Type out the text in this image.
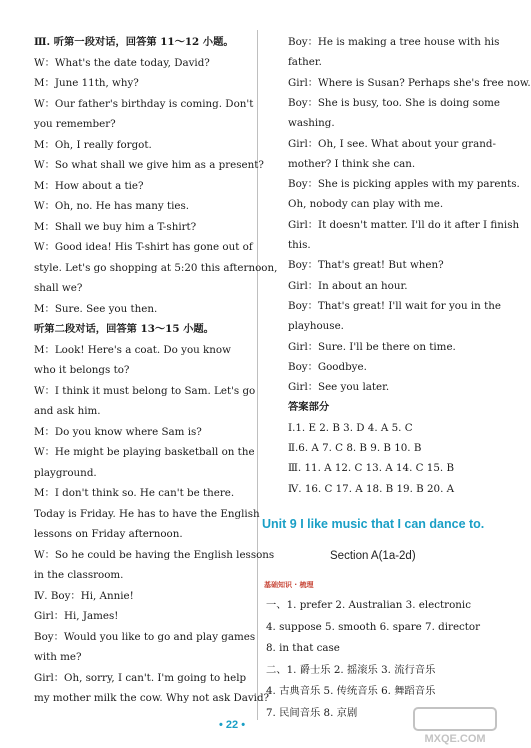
Ⅲ. 听第一段对话，回答第 11～12 小题。
W：What's the date today, David?
M：June 11th, why?
W：Our father's birthday is coming. Don't
you remember?
M：Oh, I really forgot.
W：So what shall we give him as a present?
M：How about a tie?
W：Oh, no. He has many ties.
M：Shall we buy him a T-shirt?
W：Good idea! His T-shirt has gone out of
style. Let's go shopping at 5:20 this afternoon,
shall we?
M：Sure. See you then.
听第二段对话，回答第 13～15 小题。
M：Look! Here's a coat. Do you know
who it belongs to?
W：I think it must belong to Sam. Let's go
and ask him.
M：Do you know where Sam is?
W：He might be playing basketball on the
playground.
M：I don't think so. He can't be there.
Today is Friday. He has to have the English
lessons on Friday afternoon.
W：So he could be having the English lessons
in the classroom.
Ⅳ. Boy：Hi, Annie!
Girl：Hi, James!
Boy：Would you like to go and play games
with me?
Girl：Oh, sorry, I can't. I'm going to help
my mother milk the cow. Why not ask David?
Boy：He is making a tree house with his
father.
Girl：Where is Susan? Perhaps she's free now.
Boy：She is busy, too. She is doing some
washing.
Girl：Oh, I see. What about your grand-
mother? I think she can.
Boy：She is picking apples with my parents.
Oh, nobody can play with me.
Girl：It doesn't matter. I'll do it after I finish
this.
Boy：That's great! But when?
Girl：In about an hour.
Boy：That's great! I'll wait for you in the
playhouse.
Girl：Sure. I'll be there on time.
Boy：Goodbye.
Girl：See you later.
答案部分
Ⅰ.1. E 2. B 3. D 4. A 5. C
Ⅱ.6. A 7. C 8. B 9. B 10. B
Ⅲ. 11. A 12. C 13. A 14. C 15. B
Ⅳ. 16. C 17. A 18. B 19. B 20. A
一、1. prefer 2. Australian 3. electronic
4. suppose 5. smooth 6. spare 7. director
8. in that case
二、1. 爵士乐 2. 摇滚乐 3. 流行音乐
4. 古典音乐 5. 传统音乐 6. 舞蹈音乐
7. 民间音乐 8. 京剧
Unit 9 I like music that I can dance to.
Section A(1a-2d)
基础知识 · 梳理
• 22 •
MXQE.COM
